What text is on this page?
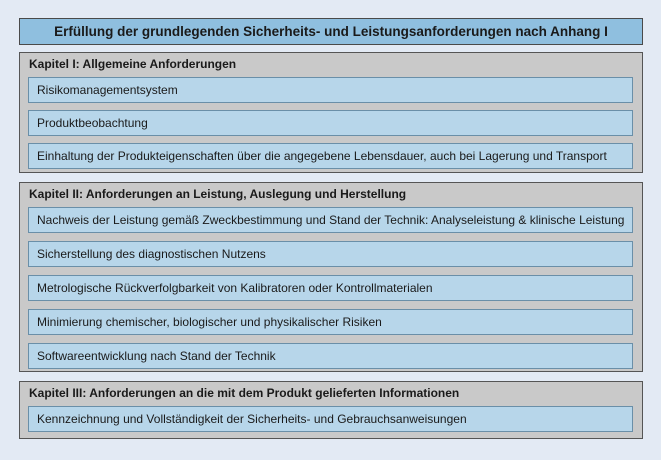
Erfüllung der grundlegenden Sicherheits- und Leistungsanforderungen nach Anhang I
Kapitel I: Allgemeine Anforderungen
Risikomanagementsystem
Produktbeobachtung
Einhaltung der Produkteigenschaften über die angegebene Lebensdauer, auch bei Lagerung und Transport
Kapitel II: Anforderungen an Leistung, Auslegung und Herstellung
Nachweis der Leistung gemäß Zweckbestimmung und Stand der Technik: Analyseleistung & klinische Leistung
Sicherstellung des diagnostischen Nutzens
Metrologische Rückverfolgbarkeit von Kalibratoren oder Kontrollmaterialen
Minimierung chemischer, biologischer und physikalischer Risiken
Softwareentwicklung nach Stand der Technik
Kapitel III: Anforderungen an die mit dem Produkt gelieferten Informationen
Kennzeichnung und Vollständigkeit der Sicherheits- und Gebrauchsanweisungen
